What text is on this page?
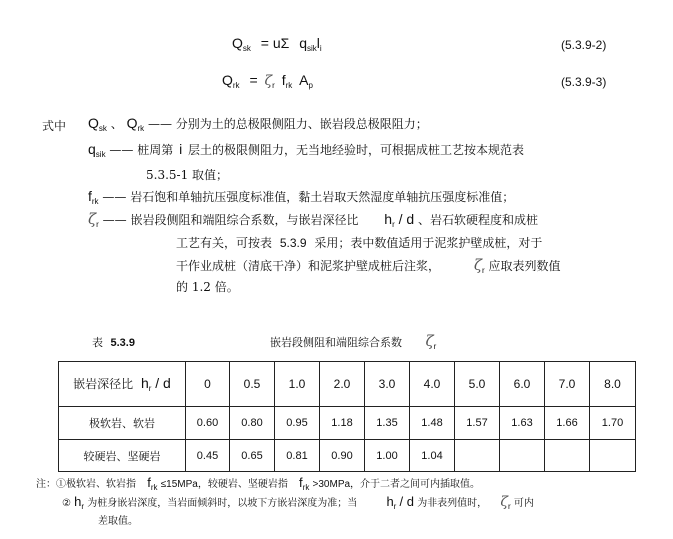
$Q_{sk} = u\Sigma$ $q_{sik}l_i$	(5.3.9-2)
$Q_{rk} = \zeta_r$ $f_{rk}$ $A_p$	(5.3.9-3)
式中 $Q_{sk}$ 、 $Q_{rk}$ —— 分别为土的总极限侧阻力、嵌岩段总极限阻力；
$q_{sik}$ —— 桩周第 i 层土的极限侧阻力，无当地经验时，可根据成桩工艺按本规范表
5.3.5-1 取值；
$f_{rk}$ —— 岩石饱和单轴抗压强度标准值，黏土岩取天然湿度单轴抗压强度标准值；
$\zeta_r$ —— 嵌岩段侧阻和端阻综合系数，与嵌岩深径比 $h_r$ / d 、岩石软硬程度和成桩
工艺有关，可按表 5.3.9 采用；表中数值适用于泥浆护壁成桩，对于
干作业成桩（清底干净）和泥浆护壁成桩后注浆， $\zeta_r$ 应取表列数值
的 1.2 倍。
表 5.3.9	嵌岩段侧阻和端阻综合系数 $\zeta_r$
嵌岩深径比 $h_r$ / d	0	0.5	1.0	2.0	3.0	4.0	5.0	6.0	7.0	8.0
极软岩、软岩	0.60	0.80	0.95	1.18	1.35	1.48	1.57	1.63	1.66	1.70
较硬岩、坚硬岩	0.45	0.65	0.81	0.90	1.00	1.04				
注：①极软岩、软岩指 $f_{rk} \le 15MPa$，较硬岩、坚硬岩指 $f_{rk} >30MPa$，介于二者之间可内插取值。
② $h_r$ 为桩身嵌岩深度，当岩面倾斜时，以坡下方嵌岩深度为准；当 $h_r$ / d 为非表列值时， $\zeta_r$ 可内
差取值。
